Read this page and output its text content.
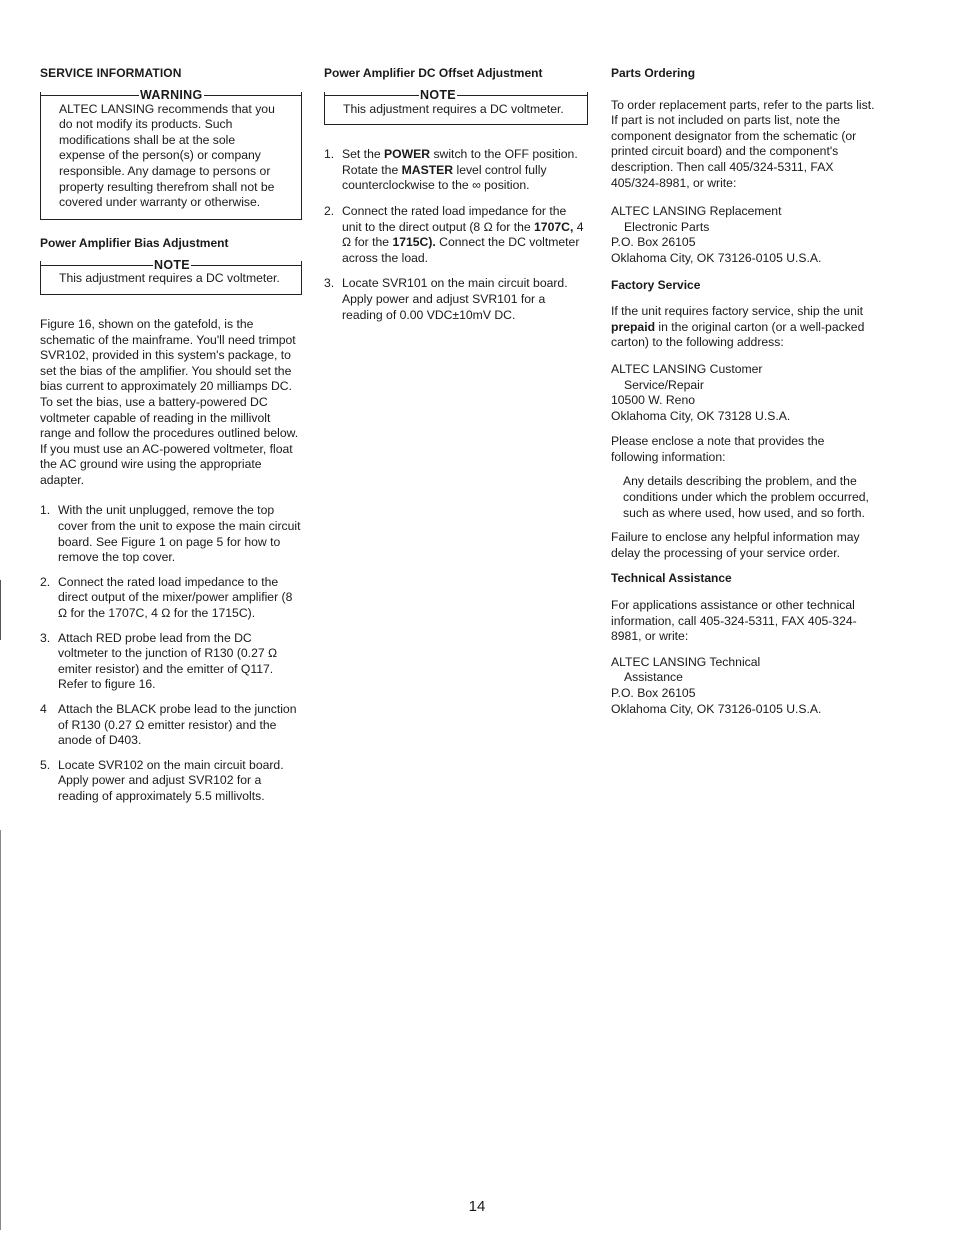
SERVICE INFORMATION
WARNING
ALTEC LANSING recommends that you do not modify its products. Such modifications shall be at the sole expense of the person(s) or company responsible. Any damage to persons or property resulting therefrom shall not be covered under warranty or otherwise.
Power Amplifier Bias Adjustment
NOTE
This adjustment requires a DC voltmeter.

Figure 16, shown on the gatefold, is the schematic of the mainframe. You'll need trimpot SVR102, provided in this system's package, to set the bias of the amplifier. You should set the bias current to approximately 20 milliamps DC. To set the bias, use a battery-powered DC voltmeter capable of reading in the millivolt range and follow the procedures outlined below. If you must use an AC-powered voltmeter, float the AC ground wire using the appropriate adapter.

1. With the unit unplugged, remove the top cover from the unit to expose the main circuit board. See Figure 1 on page 5 for how to remove the top cover.
2. Connect the rated load impedance to the direct output of the mixer/power amplifier (8 Ω for the 1707C, 4 Ω for the 1715C).
3. Attach RED probe lead from the DC voltmeter to the junction of R130 (0.27 Ω emiter resistor) and the emitter of Q117. Refer to figure 16.
4 Attach the BLACK probe lead to the junction of R130 (0.27 Ω emitter resistor) and the anode of D403.
5. Locate SVR102 on the main circuit board. Apply power and adjust SVR102 for a reading of approximately 5.5 millivolts.
Power Amplifier DC Offset Adjustment
NOTE
This adjustment requires a DC voltmeter.
1. Set the POWER switch to the OFF position. Rotate the MASTER level control fully counterclockwise to the ∞ position.
2. Connect the rated load impedance for the unit to the direct output (8 Ω for the 1707C, 4 Ω for the 1715C). Connect the DC voltmeter across the load.
3. Locate SVR101 on the main circuit board. Apply power and adjust SVR101 for a reading of 0.00 VDC±10mV DC.
Parts Ordering

To order replacement parts, refer to the parts list. If part is not included on parts list, note the component designator from the schematic (or printed circuit board) and the component's description. Then call 405/324-5311, FAX 405/324-8981, or write:

ALTEC LANSING Replacement
Electronic Parts
P.O. Box 26105
Oklahoma City, OK 73126-0105 U.S.A.
Factory Service

If the unit requires factory service, ship the unit prepaid in the original carton (or a well-packed carton) to the following address:

ALTEC LANSING Customer
Service/Repair
10500 W. Reno
Oklahoma City, OK 73128 U.S.A.

Please enclose a note that provides the following information:

Any details describing the problem, and the conditions under which the problem occurred, such as where used, how used, and so forth.

Failure to enclose any helpful information may delay the processing of your service order.

Technical Assistance

For applications assistance or other technical information, call 405-324-5311, FAX 405-324-8981, or write:

ALTEC LANSING Technical
Assistance
P.O. Box 26105
Oklahoma City, OK 73126-0105 U.S.A.
14
